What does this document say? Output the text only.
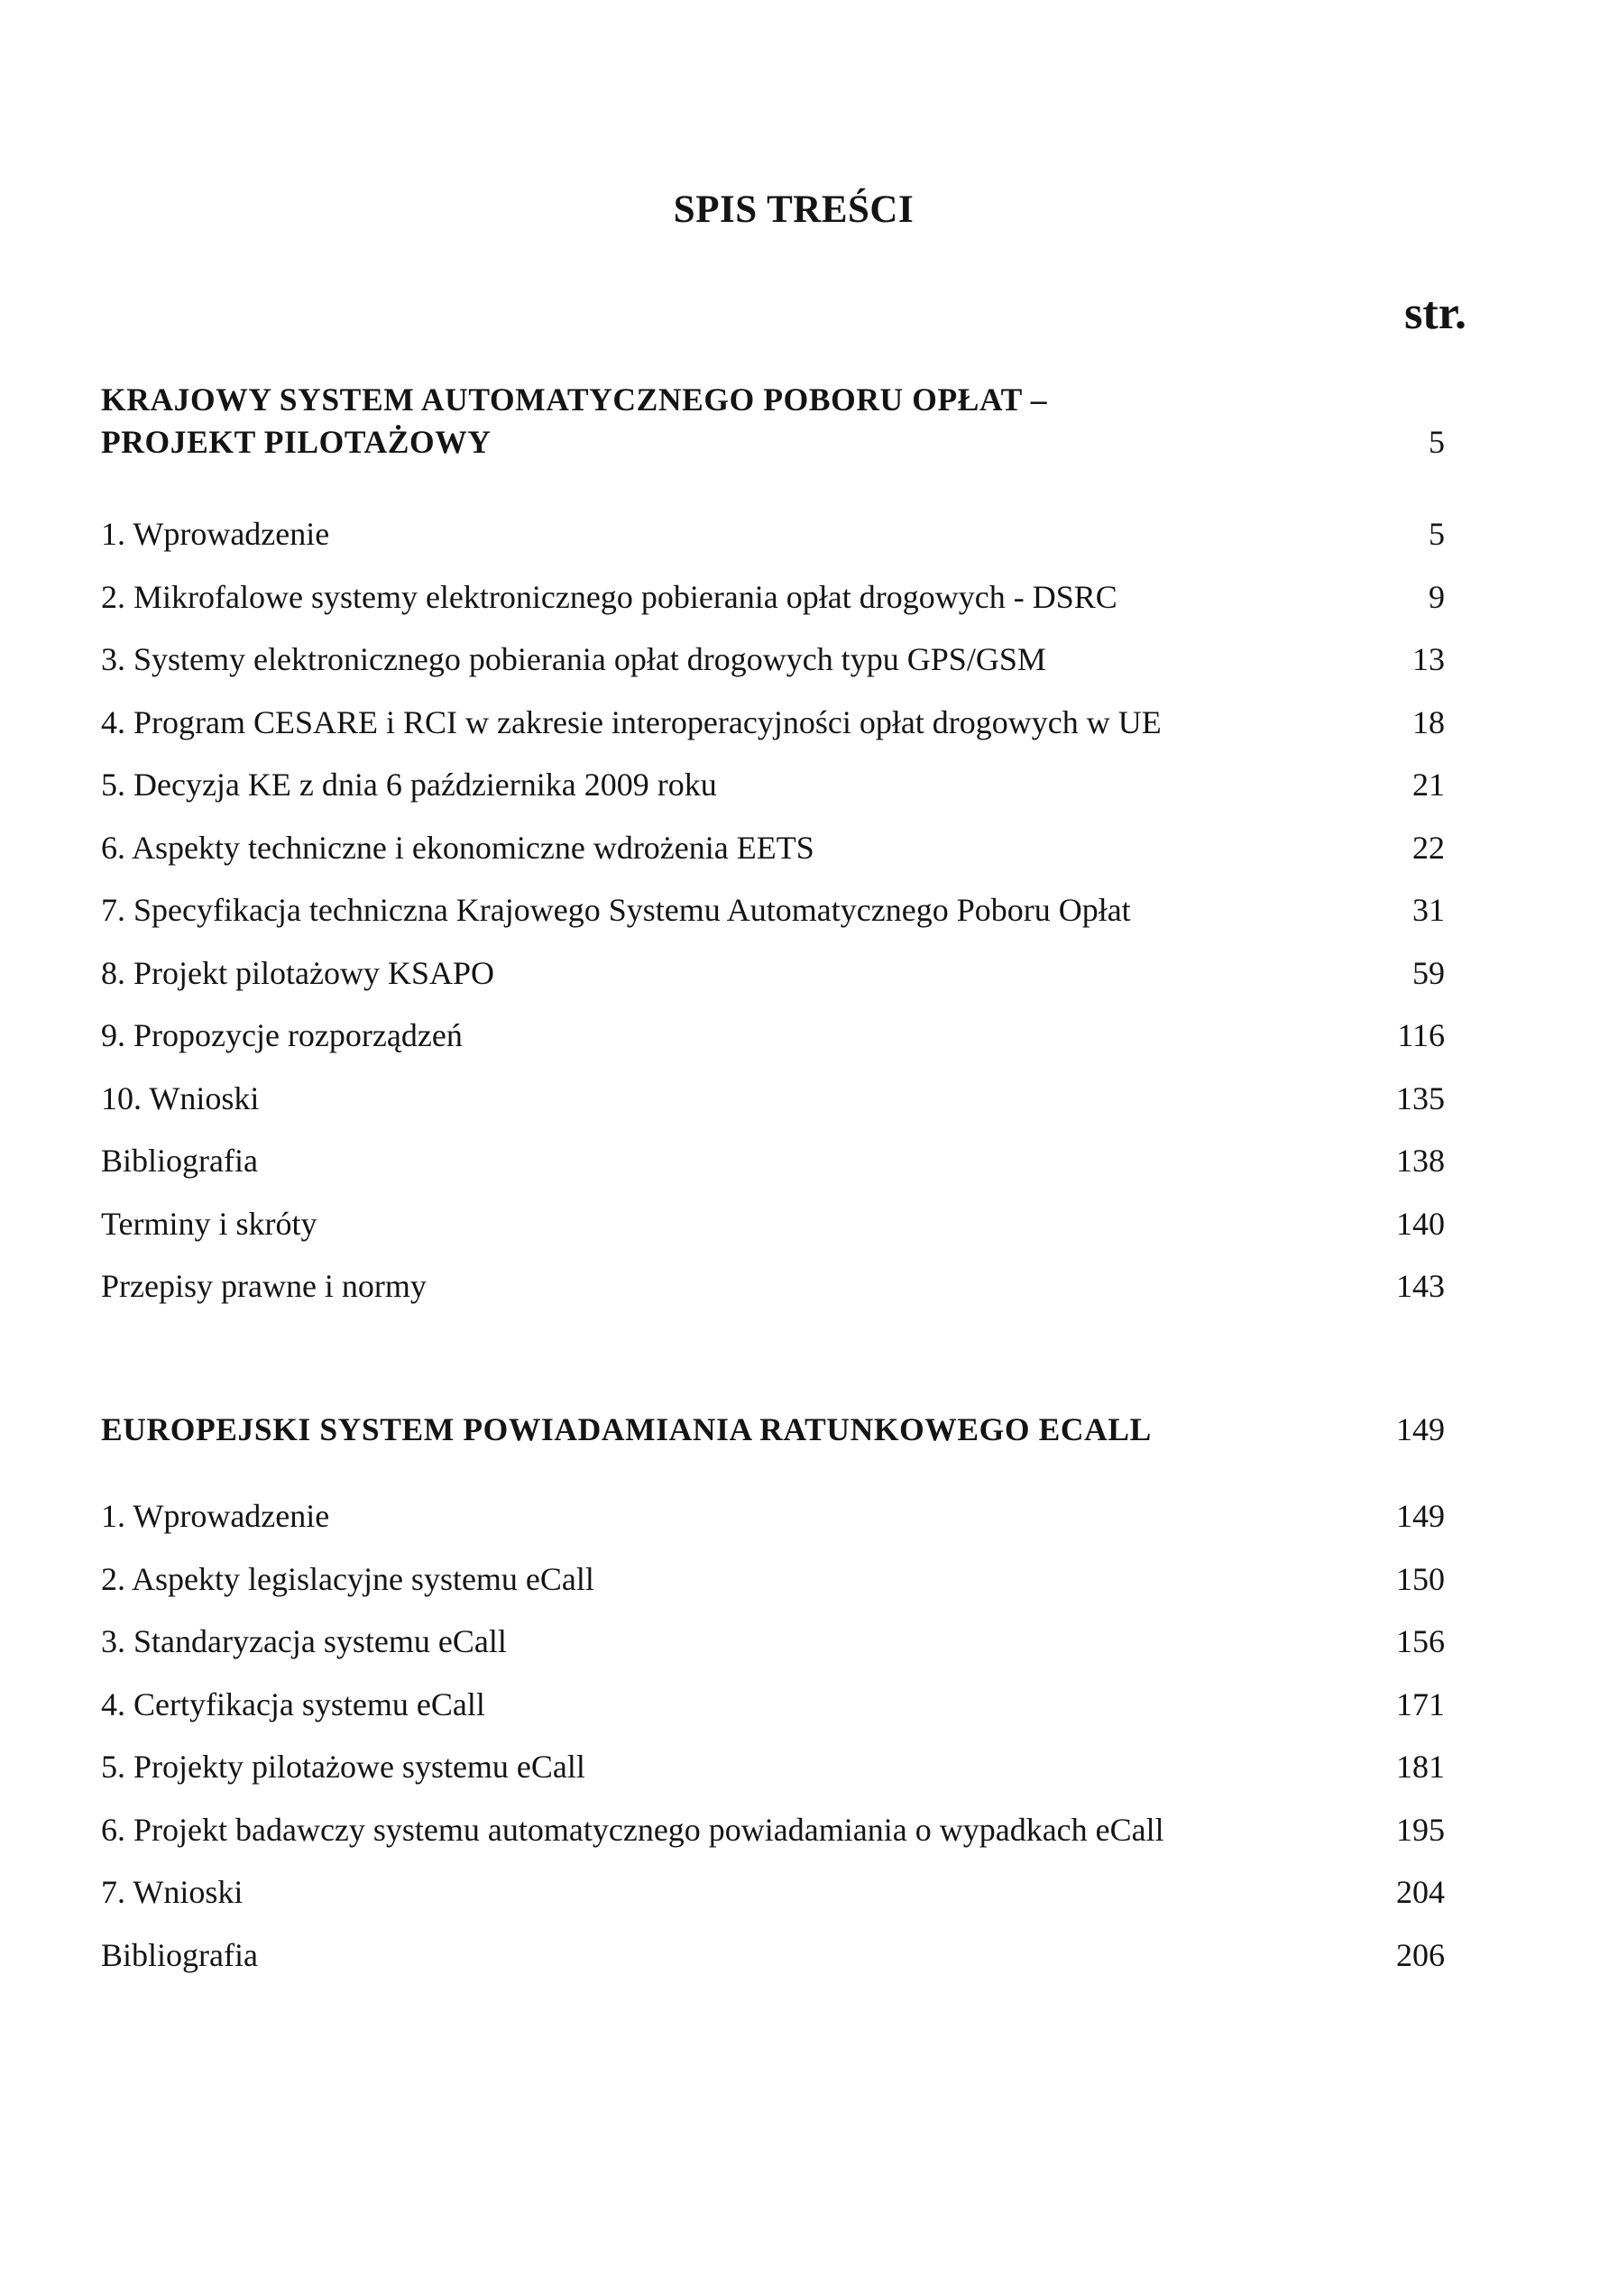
SPIS TREŚCI
str.
KRAJOWY SYSTEM AUTOMATYCZNEGO POBORU OPŁAT –
PROJEKT PILOTAŻOWY	5
1. Wprowadzenie	5
2. Mikrofalowe systemy elektronicznego pobierania opłat drogowych - DSRC	9
3. Systemy elektronicznego pobierania opłat drogowych typu GPS/GSM	13
4. Program CESARE i RCI w zakresie interoperacyjności opłat drogowych w UE	18
5. Decyzja KE z dnia 6 października 2009 roku	21
6. Aspekty techniczne i ekonomiczne wdrożenia EETS	22
7. Specyfikacja techniczna Krajowego Systemu Automatycznego Poboru Opłat	31
8. Projekt pilotażowy KSAPO	59
9. Propozycje rozporządzeń	116
10. Wnioski	135
Bibliografia	138
Terminy i skróty	140
Przepisy prawne i normy	143
EUROPEJSKI SYSTEM POWIADAMIANIA RATUNKOWEGO ECALL	149
1. Wprowadzenie	149
2. Aspekty legislacyjne systemu eCall	150
3. Standaryzacja systemu eCall	156
4. Certyfikacja systemu eCall	171
5. Projekty pilotażowe systemu eCall	181
6. Projekt badawczy systemu automatycznego powiadamiania o wypadkach eCall	195
7. Wnioski	204
Bibliografia	206
